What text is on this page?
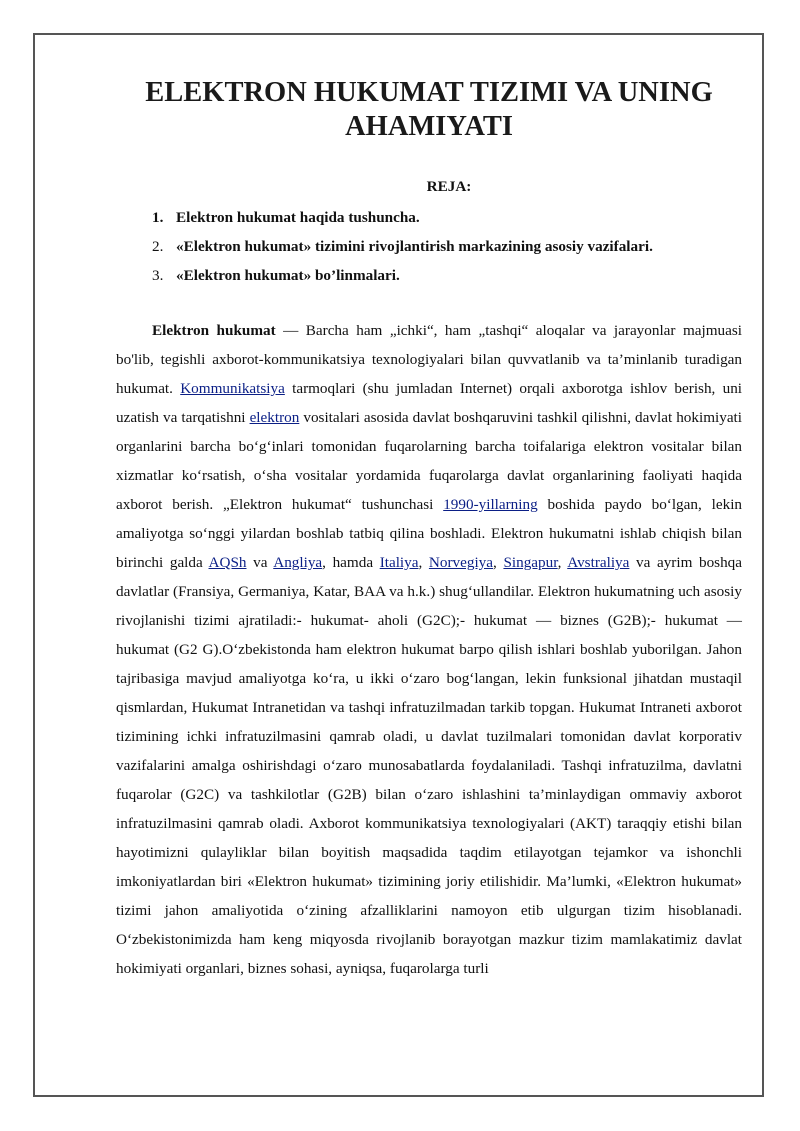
ELEKTRON HUKUMAT TIZIMI VA UNING AHAMIYATI
REJA:
1. Elektron hukumat haqida tushuncha.
2. «Elektron hukumat» tizimini rivojlantirish markazining asosiy vazifalari.
3. «Elektron hukumat» bo’linmalari.

Elektron hukumat — Barcha ham „ichki“, ham „tashqi“ aloqalar va jarayonlar majmuasi bo'lib, tegishli axborot-kommunikatsiya texnologiyalari bilan quvvatlanib va ta’minlanib turadigan hukumat. Kommunikatsiya tarmoqlari (shu jumladan Internet) orqali axborotga ishlov berish, uni uzatish va tarqatishni elektron vositalari asosida davlat boshqaruvini tashkil qilishni, davlat hokimiyati organlarini barcha bo‘g‘inlari tomonidan fuqarolarning barcha toifalariga elektron vositalar bilan xizmatlar ko‘rsatish, o‘sha vositalar yordamida fuqarolarga davlat organlarining faoliyati haqida axborot berish. „Elektron hukumat“ tushunchasi 1990-yillarning boshida paydo bo‘lgan, lekin amaliyotga so‘nggi yilardan boshlab tatbiq qilina boshladi. Elektron hukumatni ishlab chiqish bilan birinchi galda AQSh va Angliya, hamda Italiya, Norvegiya, Singapur, Avstraliya va ayrim boshqa davlatlar (Fransiya, Germaniya, Katar, BAA va h.k.) shug‘ullandilar. Elektron hukumatning uch asosiy rivojlanishi tizimi ajratiladi:- hukumat- aholi (G2C);- hukumat — biznes (G2B);- hukumat — hukumat (G2 G).O‘zbekistonda ham elektron hukumat barpo qilish ishlari boshlab yuborilgan. Jahon tajribasiga mavjud amaliyotga ko‘ra, u ikki o‘zaro bog‘langan, lekin funksional jihatdan mustaqil qismlardan, Hukumat Intranetidan va tashqi infratuzilmadan tarkib topgan. Hukumat Intraneti axborot tizimining ichki infratuzilmasini qamrab oladi, u davlat tuzilmalari tomonidan davlat korporativ vazifalarini amalga oshirishdagi o‘zaro munosabatlarda foydalaniladi. Tashqi infratuzilma, davlatni fuqarolar (G2C) va tashkilotlar (G2B) bilan o‘zaro ishlashini ta’minlaydigan ommaviy axborot infratuzilmasini qamrab oladi. Axborot kommunikatsiya texnologiyalari (AKT) taraqqiy etishi bilan hayotimizni qulayliklar bilan boyitish maqsadida taqdim etilayotgan tejamkor va ishonchli imkoniyatlardan biri «Elektron hukumat» tizimining joriy etilishidir. Ma’lumki, «Elektron hukumat» tizimi jahon amaliyotida o‘zining afzalliklarini namoyon etib ulgurgan tizim hisoblanadi. O‘zbekistonimizda ham keng miqyosda rivojlanib borayotgan mazkur tizim mamlakatimiz davlat hokimiyati organlari, biznes sohasi, ayniqsa, fuqarolarga turli
